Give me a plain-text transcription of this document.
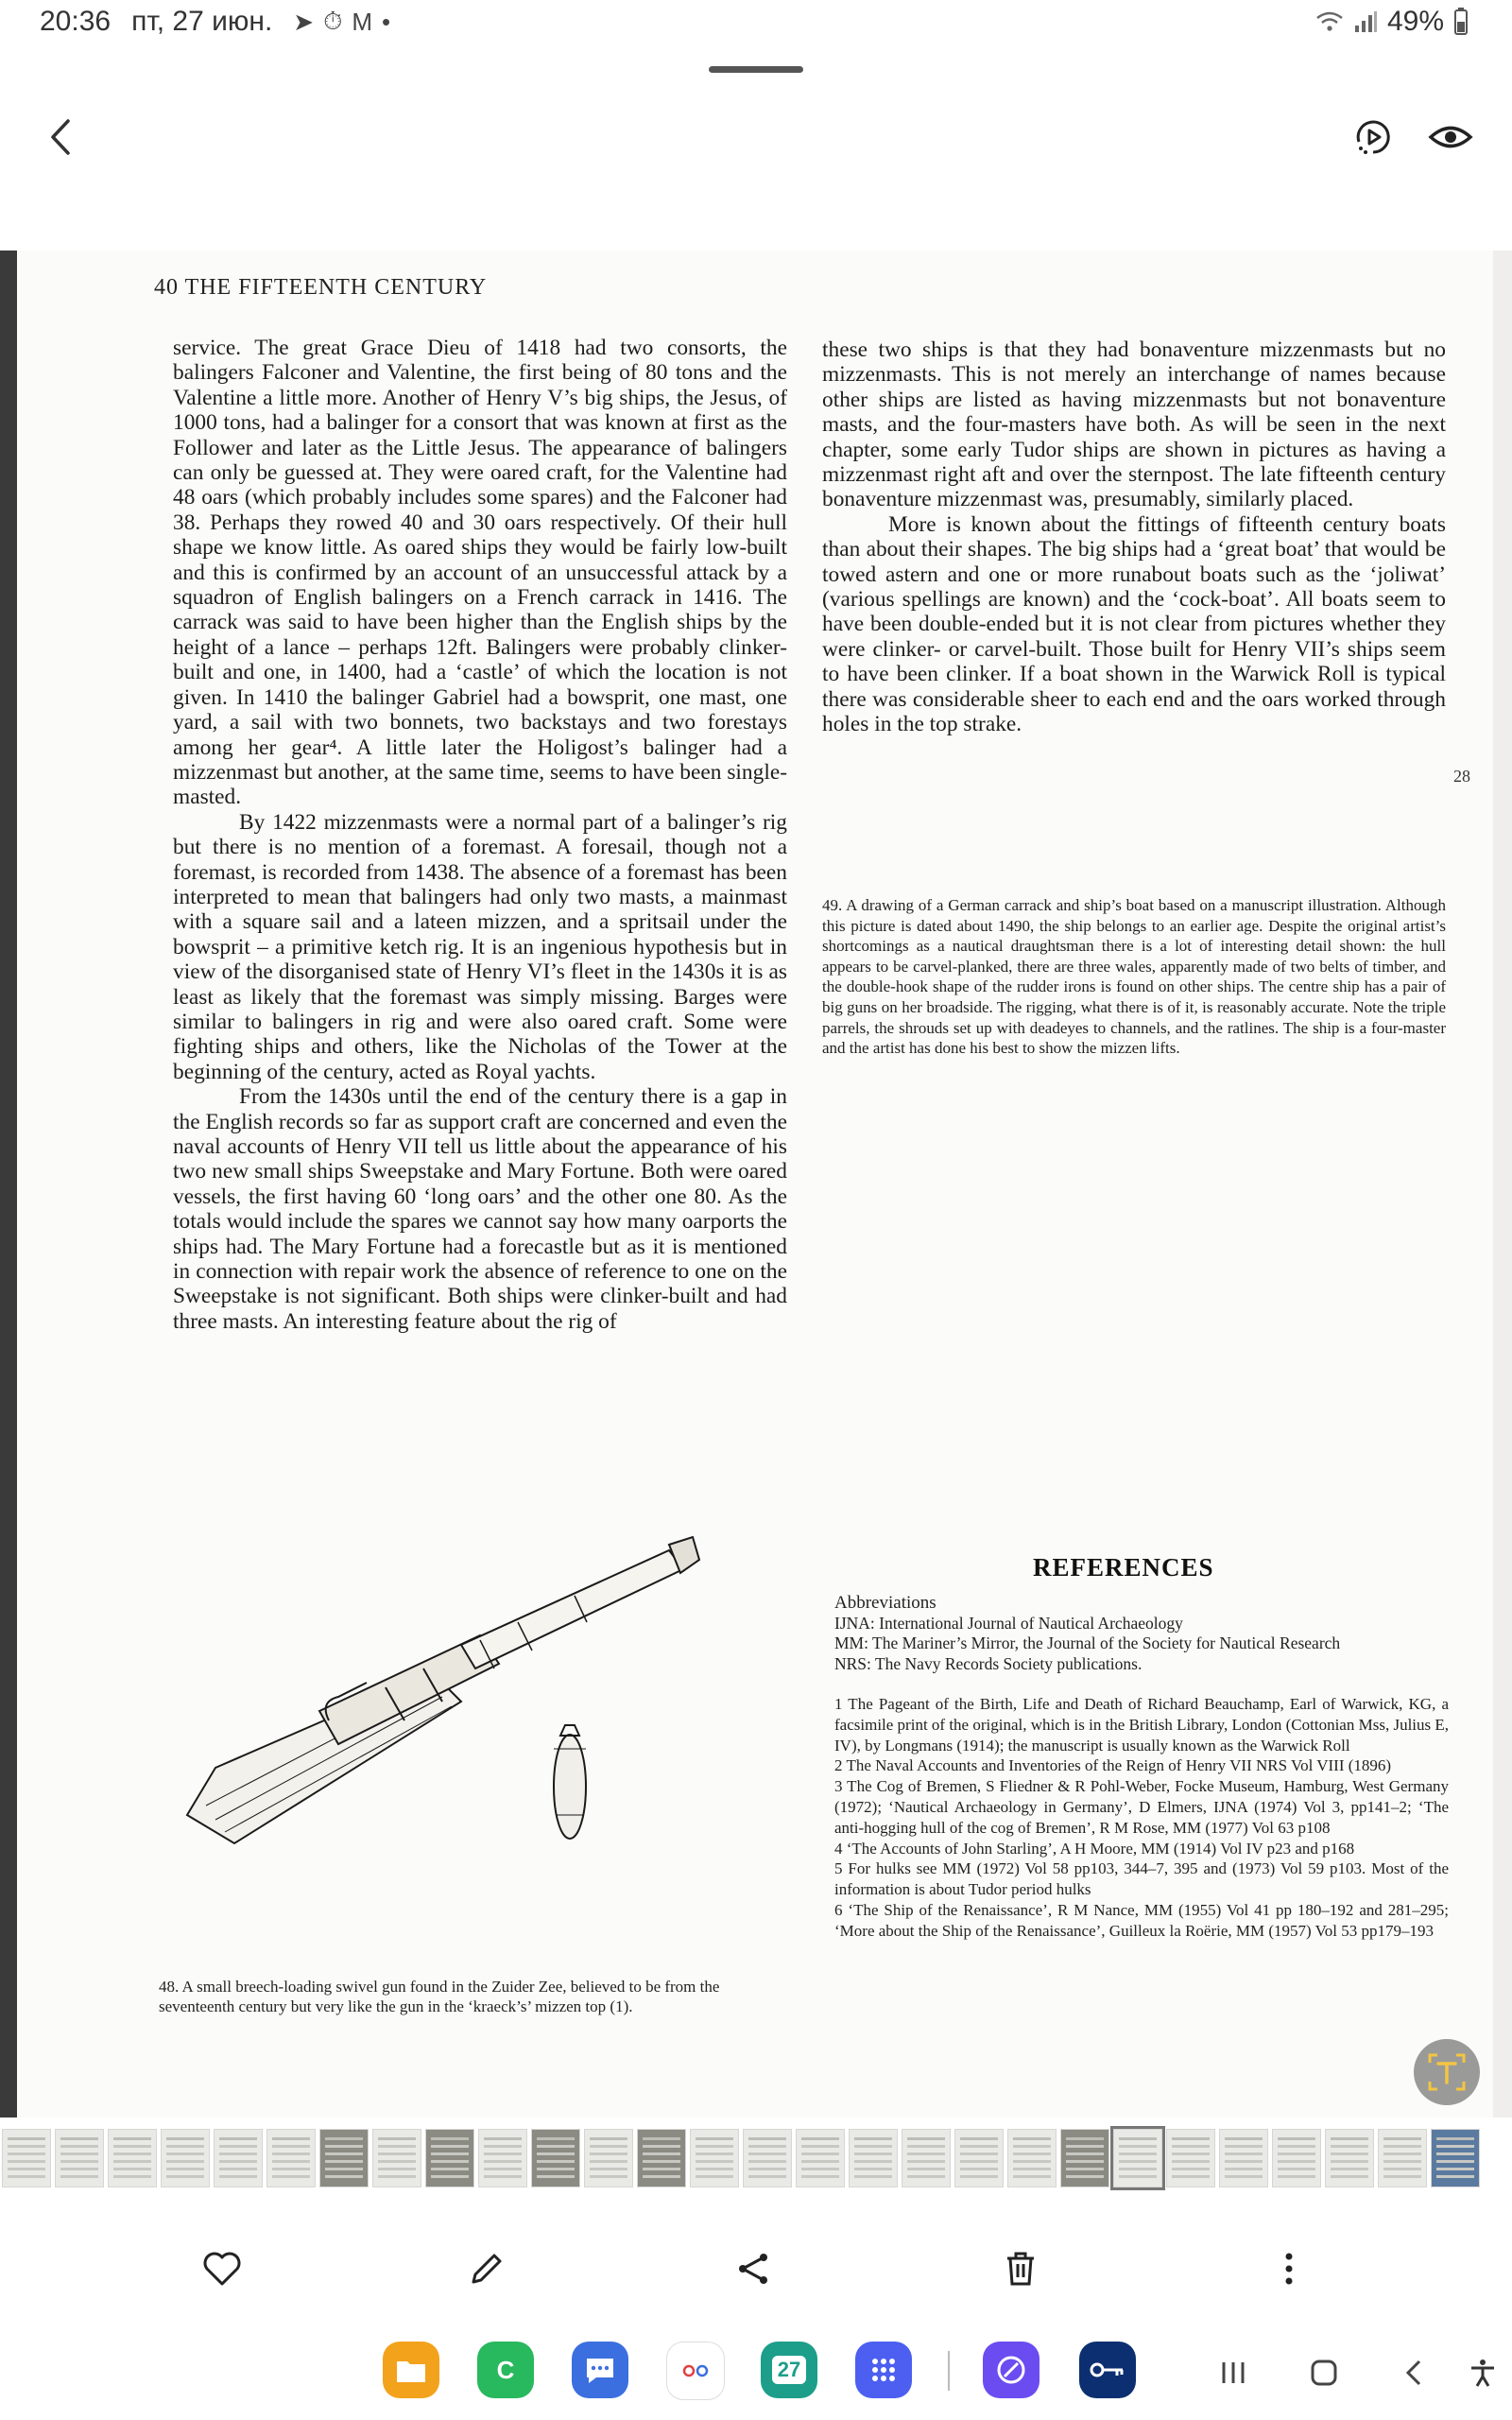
20:36 пт, 27 июн. ➤ ⏱ M •	49%
40 THE FIFTEENTH CENTURY

service. The great Grace Dieu of 1418 had two consorts, the balingers Falconer and Valentine, the first being of 80 tons and the Valentine a little more. Another of Henry V’s big ships, the Jesus, of 1000 tons, had a balinger for a consort that was known at first as the Follower and later as the Little Jesus. The appearance of balingers can only be guessed at. They were oared craft, for the Valentine had 48 oars (which probably includes some spares) and the Falconer had 38. Perhaps they rowed 40 and 30 oars respectively. Of their hull shape we know little. As oared ships they would be fairly low-built and this is confirmed by an account of an unsuccessful attack by a squadron of English balingers on a French carrack in 1416. The carrack was said to have been higher than the English ships by the height of a lance – perhaps 12ft. Balingers were probably clinker-built and one, in 1400, had a ‘castle’ of which the location is not given. In 1410 the balinger Gabriel had a bowsprit, one mast, one yard, a sail with two bonnets, two backstays and two forestays among her gear⁴. A little later the Holigost’s balinger had a mizzenmast but another, at the same time, seems to have been single-masted.

By 1422 mizzenmasts were a normal part of a balinger’s rig but there is no mention of a foremast. A foresail, though not a foremast, is recorded from 1438. The absence of a foremast has been interpreted to mean that balingers had only two masts, a mainmast with a square sail and a lateen mizzen, and a spritsail under the bowsprit – a primitive ketch rig. It is an ingenious hypothesis but in view of the disorganised state of Henry VI’s fleet in the 1430s it is as least as likely that the foremast was simply missing. Barges were similar to balingers in rig and were also oared craft. Some were fighting ships and others, like the Nicholas of the Tower at the beginning of the century, acted as Royal yachts.

From the 1430s until the end of the century there is a gap in the English records so far as support craft are concerned and even the naval accounts of Henry VII tell us little about the appearance of his two new small ships Sweepstake and Mary Fortune. Both were oared vessels, the first having 60 ‘long oars’ and the other one 80. As the totals would include the spares we cannot say how many oarports the ships had. The Mary Fortune had a forecastle but as it is mentioned in connection with repair work the absence of reference to one on the Sweepstake is not significant. Both ships were clinker-built and had three masts. An interesting feature about the rig of

these two ships is that they had bonaventure mizzenmasts but no mizzenmasts. This is not merely an interchange of names because other ships are listed as having mizzenmasts but not bonaventure masts, and the four-masters have both. As will be seen in the next chapter, some early Tudor ships are shown in pictures as having a mizzenmast right aft and over the sternpost. The late fifteenth century bonaventure mizzenmast was, presumably, similarly placed.

More is known about the fittings of fifteenth century boats than about their shapes. The big ships had a ‘great boat’ that would be towed astern and one or more runabout boats such as the ‘joliwat’ (various spellings are known) and the ‘cock-boat’. All boats seem to have been double-ended but it is not clear from pictures whether they were clinker- or carvel-built. Those built for Henry VII’s ships seem to have been clinker. If a boat shown in the Warwick Roll is typical there was considerable sheer to each end and the oars worked through holes in the top strake.

28
49. A drawing of a German carrack and ship’s boat based on a manuscript illustration. Although this picture is dated about 1490, the ship belongs to an earlier age. Despite the original artist’s shortcomings as a nautical draughtsman there is a lot of interesting detail shown: the hull appears to be carvel-planked, there are three wales, apparently made of two belts of timber, and the double-hook shape of the rudder irons is found on other ships. The centre ship has a pair of big guns on her broadside. The rigging, what there is of it, is reasonably accurate. Note the triple parrels, the shrouds set up with deadeyes to channels, and the ratlines. The ship is a four-master and the artist has done his best to show the mizzen lifts.
48. A small breech-loading swivel gun found in the Zuider Zee, believed to be from the seventeenth century but very like the gun in the ‘kraeck’s’ mizzen top (1).
REFERENCES
Abbreviations
IJNA: International Journal of Nautical Archaeology
MM: The Mariner’s Mirror, the Journal of the Society for Nautical Research
NRS: The Navy Records Society publications.

1 The Pageant of the Birth, Life and Death of Richard Beauchamp, Earl of Warwick, KG, a facsimile print of the original, which is in the British Library, London (Cottonian Mss, Julius E, IV), by Longmans (1914); the manuscript is usually known as the Warwick Roll

2 The Naval Accounts and Inventories of the Reign of Henry VII NRS Vol VIII (1896)

3 The Cog of Bremen, S Fliedner & R Pohl-Weber, Focke Museum, Hamburg, West Germany (1972); ‘Nautical Archaeology in Germany’, D Elmers, IJNA (1974) Vol 3, pp141–2; ‘The anti-hogging hull of the cog of Bremen’, R M Rose, MM (1977) Vol 63 p108

4 ‘The Accounts of John Starling’, A H Moore, MM (1914) Vol IV p23 and p168

5 For hulks see MM (1972) Vol 58 pp103, 344–7, 395 and (1973) Vol 59 p103. Most of the information is about Tudor period hulks

6 ‘The Ship of the Renaissance’, R M Nance, MM (1955) Vol 41 pp 180–192 and 281–295; ‘More about the Ship of the Renaissance’, Guilleux la Roërie, MM (1957) Vol 53 pp179–193

C	27
